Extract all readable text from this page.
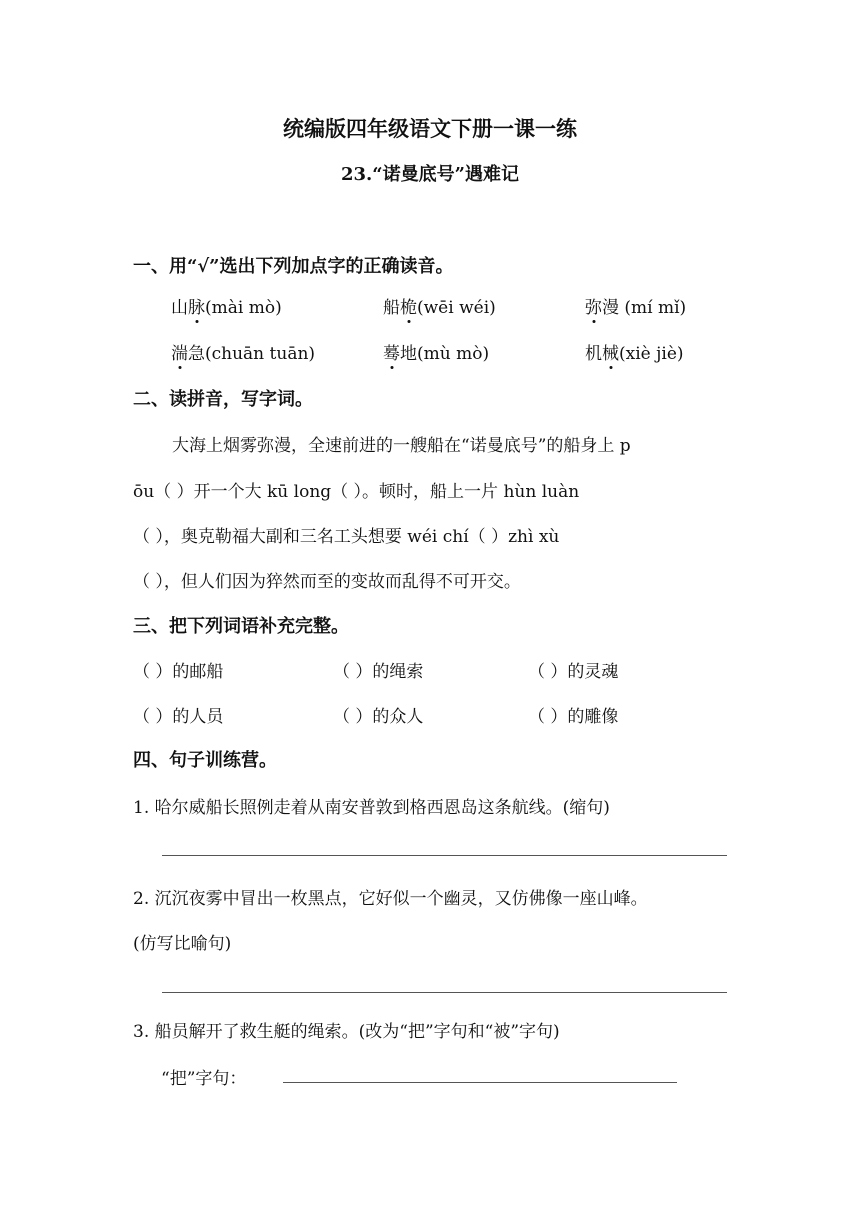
统编版四年级语文下册一课一练
23.“诺曼底号”遇难记
一、用“√”选出下列加点字的正确读音。
山脉(mài mò)	船桅(wēi wéi)	弥漫 (mí mǐ)
湍急(chuān tuān)	蓦地(mù mò)	机械(xiè jiè)
二、读拼音，写字词。
大海上烟雾弥漫，全速前进的一艘船在“诺曼底号”的船身上 p
ōu（ ）开一个大 kū long（ ）。顿时，船上一片 hùn luàn
（ ），奥克勒福大副和三名工头想要 wéi chí（ ）zhì xù
（ ），但人们因为猝然而至的变故而乱得不可开交。
三、把下列词语补充完整。
（ ）的邮船	（ ）的绳索	（ ）的灵魂
（ ）的人员	（ ）的众人	（ ）的雕像
四、句子训练营。
1. 哈尔威船长照例走着从南安普敦到格西恩岛这条航线。(缩句)
2. 沉沉夜雾中冒出一枚黑点，它好似一个幽灵，又仿佛像一座山峰。
(仿写比喻句)
3. 船员解开了救生艇的绳索。(改为“把”字句和“被”字句)
“把”字句：
